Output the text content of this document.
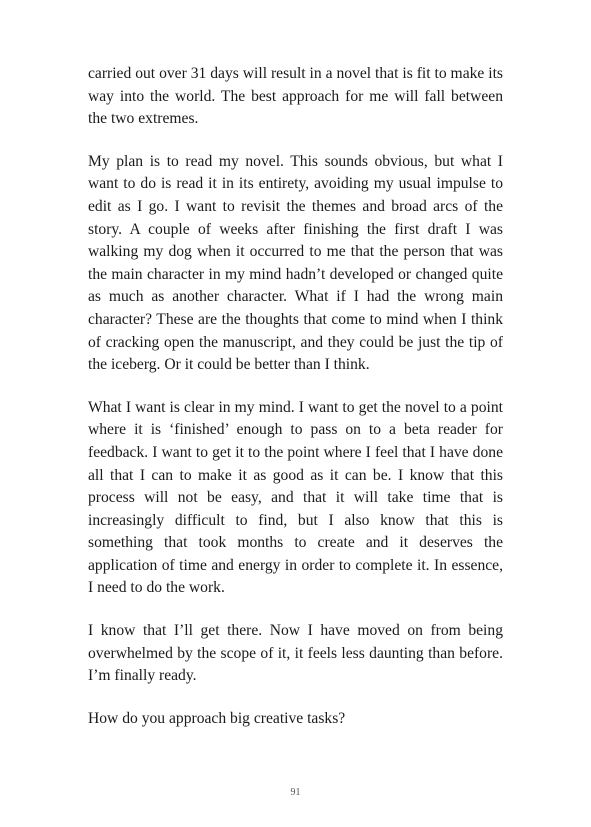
carried out over 31 days will result in a novel that is fit to make its way into the world. The best approach for me will fall between the two extremes.

My plan is to read my novel. This sounds obvious, but what I want to do is read it in its entirety, avoiding my usual impulse to edit as I go. I want to revisit the themes and broad arcs of the story. A couple of weeks after finishing the first draft I was walking my dog when it occurred to me that the person that was the main character in my mind hadn’t developed or changed quite as much as another character. What if I had the wrong main character? These are the thoughts that come to mind when I think of cracking open the manuscript, and they could be just the tip of the iceberg. Or it could be better than I think.

What I want is clear in my mind. I want to get the novel to a point where it is ‘finished’ enough to pass on to a beta reader for feedback. I want to get it to the point where I feel that I have done all that I can to make it as good as it can be. I know that this process will not be easy, and that it will take time that is increasingly difficult to find, but I also know that this is something that took months to create and it deserves the application of time and energy in order to complete it. In essence, I need to do the work.

I know that I’ll get there. Now I have moved on from being overwhelmed by the scope of it, it feels less daunting than before. I’m finally ready.

How do you approach big creative tasks?

91
